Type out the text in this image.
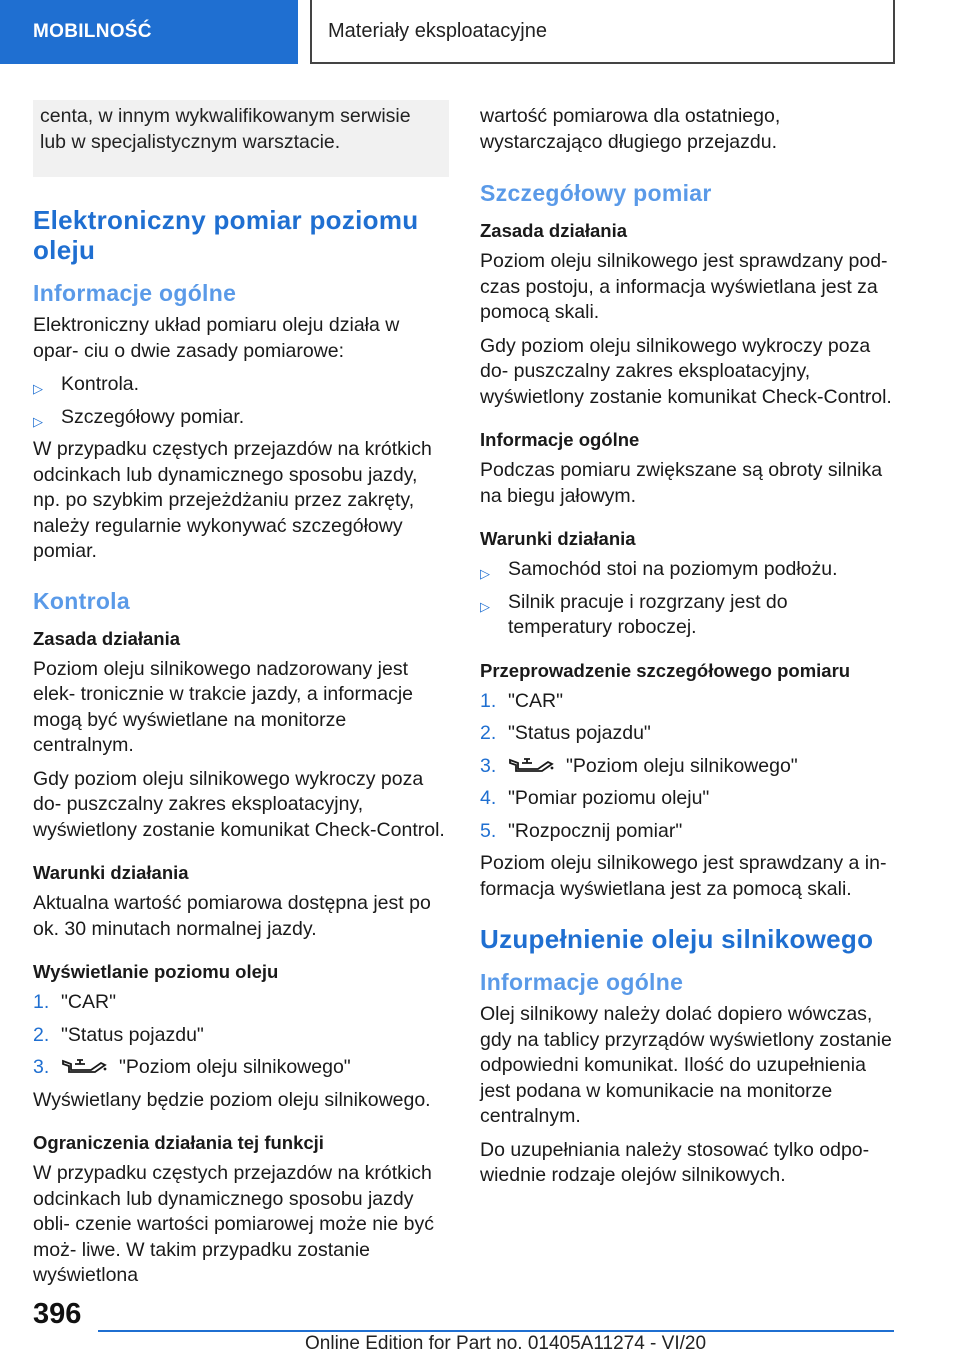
MOBILNOŚĆ	Materiały eksploatacyjne

centa, w innym wykwalifikowanym serwisie lub w specjalistycznym warsztacie.

Elektroniczny pomiar poziomu oleju
Informacje ogólne

Elektroniczny układ pomiaru oleju działa w opar- ciu o dwie zasady pomiarowe:

▷ Kontrola.
▷ Szczegółowy pomiar.

W przypadku częstych przejazdów na krótkich odcinkach lub dynamicznego sposobu jazdy, np. po szybkim przejeżdżaniu przez zakręty, należy regularnie wykonywać szczegółowy pomiar.

Kontrola
Zasada działania

Poziom oleju silnikowego nadzorowany jest elek- tronicznie w trakcie jazdy, a informacje mogą być wyświetlane na monitorze centralnym.

Gdy poziom oleju silnikowego wykroczy poza do- puszczalny zakres eksploatacyjny, wyświetlony zostanie komunikat Check-Control.

Warunki działania

Aktualna wartość pomiarowa dostępna jest po ok. 30 minutach normalnej jazdy.

Wyświetlanie poziomu oleju
1. "CAR"
2. "Status pojazdu"
3.	"Poziom oleju silnikowego"

Wyświetlany będzie poziom oleju silnikowego.

Ograniczenia działania tej funkcji

W przypadku częstych przejazdów na krótkich odcinkach lub dynamicznego sposobu jazdy obli- czenie wartości pomiarowej może nie być moż- liwe. W takim przypadku zostanie wyświetlona

wartość pomiarowa dla ostatniego, wystarczająco długiego przejazdu.

Szczegółowy pomiar
Zasada działania

Poziom oleju silnikowego jest sprawdzany pod- czas postoju, a informacja wyświetlana jest za pomocą skali.

Gdy poziom oleju silnikowego wykroczy poza do- puszczalny zakres eksploatacyjny, wyświetlony zostanie komunikat Check-Control.

Informacje ogólne

Podczas pomiaru zwiększane są obroty silnika na biegu jałowym.

Warunki działania
▷ Samochód stoi na poziomym podłożu.
▷ Silnik pracuje i rozgrzany jest do temperatury roboczej.
Przeprowadzenie szczegółowego pomiaru
1. "CAR"
2. "Status pojazdu"
3.	"Poziom oleju silnikowego"
4. "Pomiar poziomu oleju"
5. "Rozpocznij pomiar"

Poziom oleju silnikowego jest sprawdzany a in- formacja wyświetlana jest za pomocą skali.

Uzupełnienie oleju silnikowego
Informacje ogólne

Olej silnikowy należy dolać dopiero wówczas, gdy na tablicy przyrządów wyświetlony zostanie odpowiedni komunikat. Ilość do uzupełnienia jest podana w komunikacie na monitorze centralnym.

Do uzupełniania należy stosować tylko odpo- wiednie rodzaje olejów silnikowych.

396
Online Edition for Part no. 01405A11274 - VI/20
